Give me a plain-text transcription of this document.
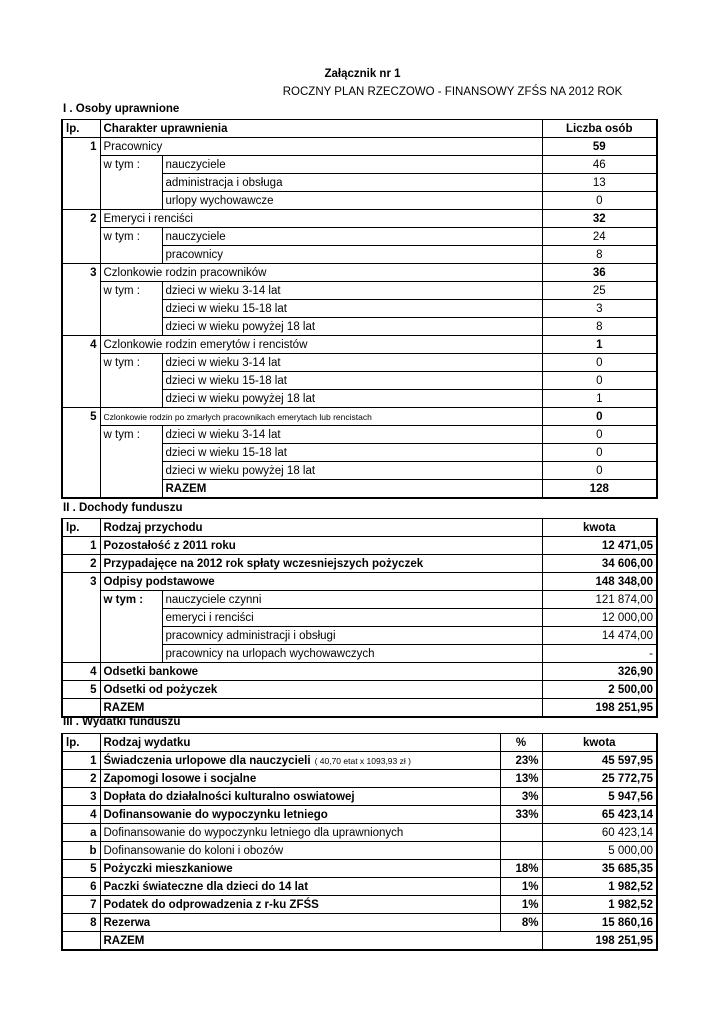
Załącznik nr 1
ROCZNY PLAN RZECZOWO - FINANSOWY ZFŚS NA 2012 ROK
I . Osoby uprawnione
lp.	Charakter uprawnienia		Liczba osób
1	Pracownicy		59
	w tym :	nauczyciele	46
		administracja i obsługa	13
		urlopy wychowawcze	0
2	Emeryci i renciści		32
	w tym :	nauczyciele	24
		pracownicy	8
3	Czlonkowie rodzin pracowników		36
	w tym :	dzieci w wieku 3-14 lat	25
		dzieci w wieku 15-18 lat	3
		dzieci w wieku powyżej 18 lat	8
4	Czlonkowie rodzin emerytów i rencistów		1
	w tym :	dzieci w wieku 3-14 lat	0
		dzieci w wieku 15-18 lat	0
		dzieci w wieku powyżej 18 lat	1
5	Czlonkowie rodzin po zmarłych pracownikach emerytach lub rencistach		0
	w tym :	dzieci w wieku 3-14 lat	0
		dzieci w wieku 15-18 lat	0
		dzieci w wieku powyżej 18 lat	0
		RAZEM	128
II . Dochody funduszu
lp.	Rodzaj przychodu		kwota
1	Pozostałość z 2011 roku		12 471,05
2	Przypadajęce na 2012 rok spłaty wczesniejszych pożyczek		34 606,00
3	Odpisy podstawowe		148 348,00
	w tym :	nauczyciele czynni	121 874,00
		emeryci i renciści	12 000,00
		pracownicy administracji i obsługi	14 474,00
		pracownicy na urlopach wychowawczych	-
4	Odsetki bankowe		326,90
5	Odsetki od pożyczek		2 500,00
	RAZEM		198 251,95
III . Wydatki funduszu
lp.	Rodzaj wydatku	%	kwota
1	Świadczenia urlopowe dla nauczycieli ( 40,70 etat x 1093,93 zł )	23%	45 597,95
2	Zapomogi losowe i socjalne	13%	25 772,75
3	Dopłata do działalności kulturalno oswiatowej	3%	5 947,56
4	Dofinansowanie do wypoczynku letniego	33%	65 423,14
a	Dofinansowanie do wypoczynku letniego dla uprawnionych		60 423,14
b	Dofinansowanie do koloni i obozów		5 000,00
5	Pożyczki mieszkaniowe	18%	35 685,35
6	Paczki świateczne dla dzieci do 14 lat	1%	1 982,52
7	Podatek do odprowadzenia z r-ku ZFŚS	1%	1 982,52
8	Rezerwa	8%	15 860,16
	RAZEM		198 251,95
